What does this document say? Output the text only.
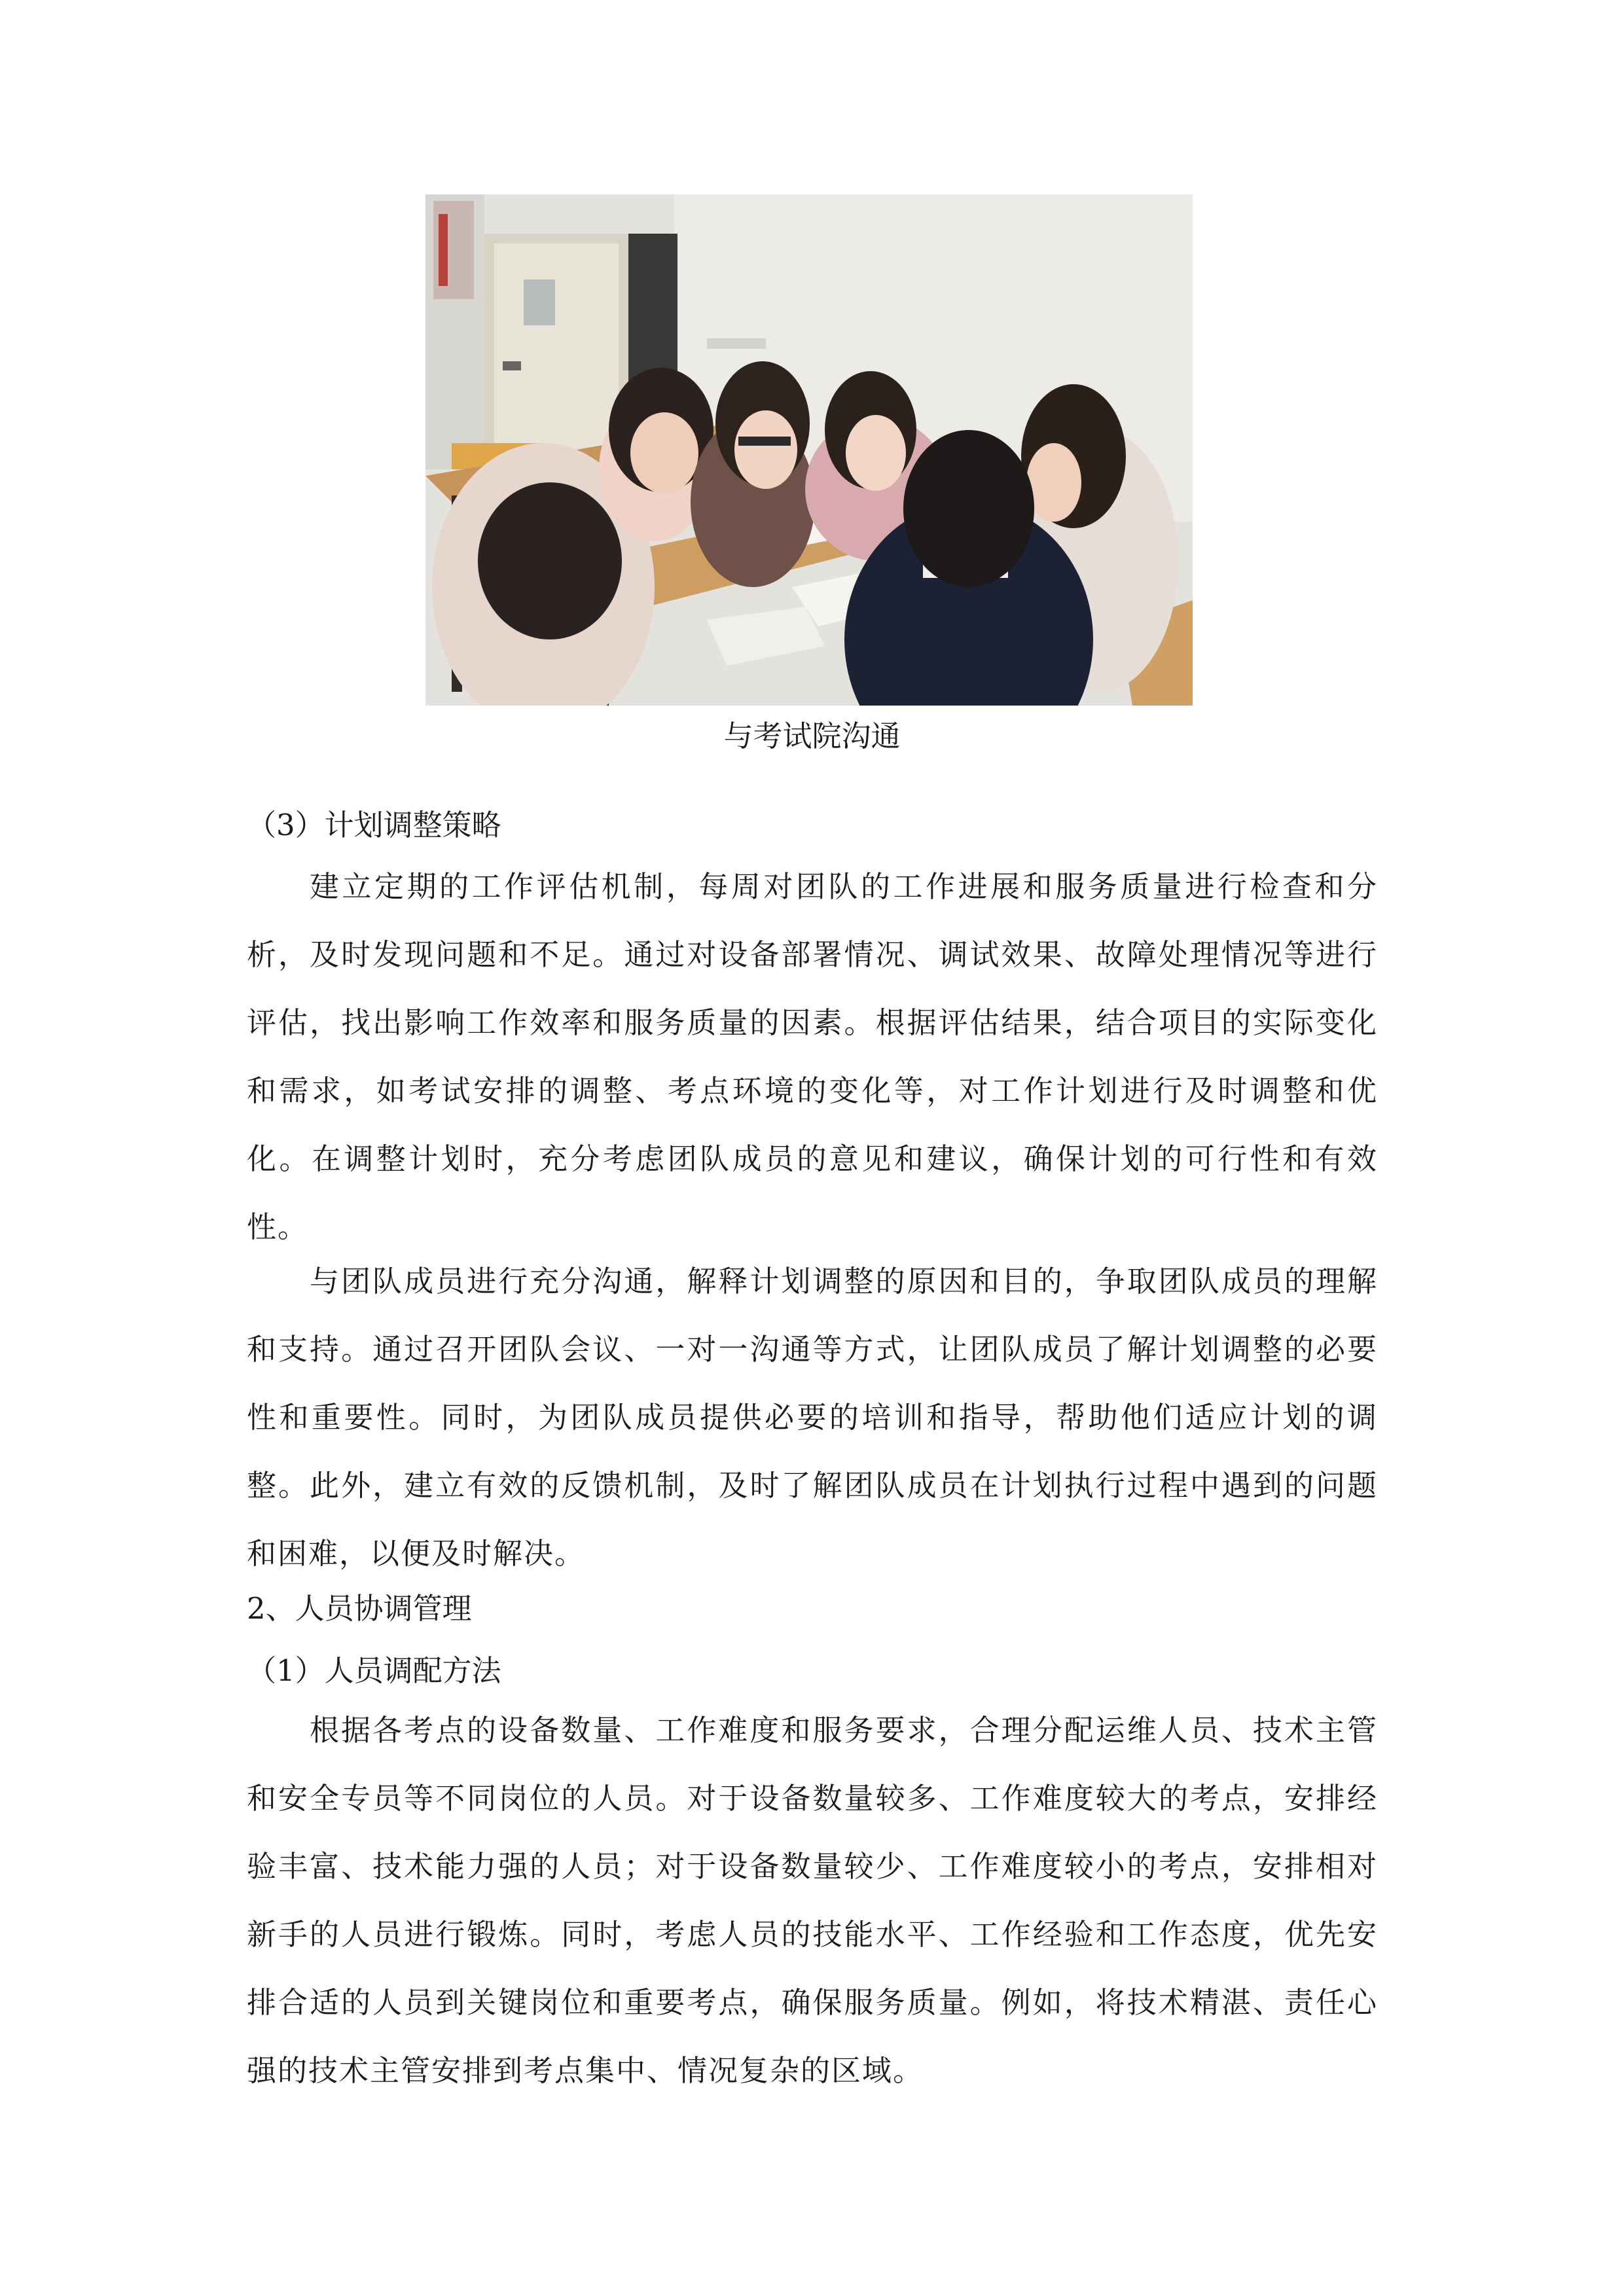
与考试院沟通

（3）计划调整策略

建立定期的工作评估机制，每周对团队的工作进展和服务质量进行检查和分析，及时发现问题和不足。通过对设备部署情况、调试效果、故障处理情况等进行评估，找出影响工作效率和服务质量的因素。根据评估结果，结合项目的实际变化和需求，如考试安排的调整、考点环境的变化等，对工作计划进行及时调整和优化。在调整计划时，充分考虑团队成员的意见和建议，确保计划的可行性和有效性。

与团队成员进行充分沟通，解释计划调整的原因和目的，争取团队成员的理解和支持。通过召开团队会议、一对一沟通等方式，让团队成员了解计划调整的必要性和重要性。同时，为团队成员提供必要的培训和指导，帮助他们适应计划的调整。此外，建立有效的反馈机制，及时了解团队成员在计划执行过程中遇到的问题和困难，以便及时解决。

2、人员协调管理

（1）人员调配方法

根据各考点的设备数量、工作难度和服务要求，合理分配运维人员、技术主管和安全专员等不同岗位的人员。对于设备数量较多、工作难度较大的考点，安排经验丰富、技术能力强的人员；对于设备数量较少、工作难度较小的考点，安排相对新手的人员进行锻炼。同时，考虑人员的技能水平、工作经验和工作态度，优先安排合适的人员到关键岗位和重要考点，确保服务质量。例如，将技术精湛、责任心强的技术主管安排到考点集中、情况复杂的区域。
